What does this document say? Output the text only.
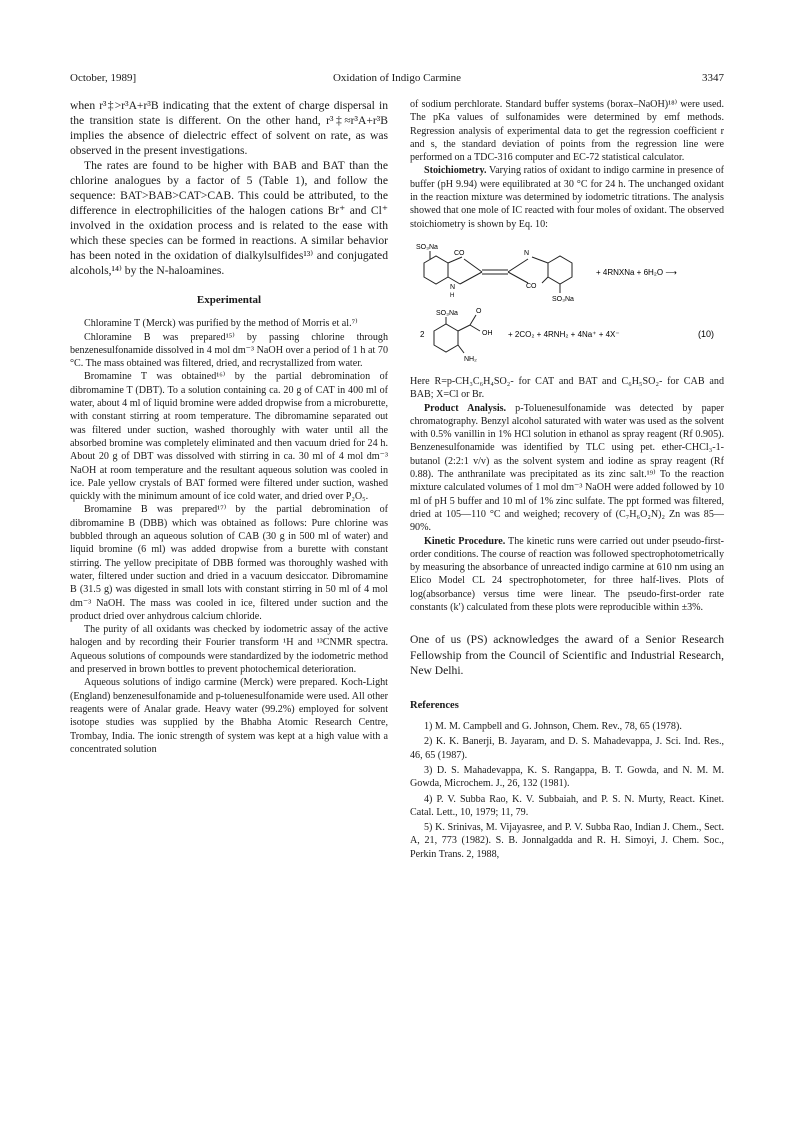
October, 1989]	Oxidation of Indigo Carmine	3347

when r³‡>r³A+r³B indicating that the extent of charge dispersal in the transition state is different. On the other hand, r³‡≈r³A+r³B implies the absence of dielectric effect of solvent on rate, as was observed in the present investigations.

The rates are found to be higher with BAB and BAT than the chlorine analogues by a factor of 5 (Table 1), and follow the sequence: BAT>BAB>CAT>CAB. This could be attributed, to the difference in electrophilicities of the halogen cations Br⁺ and Cl⁺ involved in the oxidation process and is related to the ease with which these species can be formed in reactions. A similar behavior has been noted in the oxidation of dialkylsulfides¹³⁾ and conjugated alcohols,¹⁴⁾ by the N-haloamines.

Experimental

Chloramine T (Merck) was purified by the method of Morris et al.⁷⁾

Chloramine B was prepared¹⁵⁾ by passing chlorine through benzenesulfonamide dissolved in 4 mol dm⁻³ NaOH over a period of 1 h at 70 °C. The mass obtained was filtered, dried, and recrystallized from water.

Bromamine T was obtained¹⁶⁾ by the partial debromination of dibromamine T (DBT). To a solution containing ca. 20 g of CAT in 400 ml of water, about 4 ml of liquid bromine were added dropwise from a microburette, with constant stirring at room temperature. The dibromamine separated out was filtered under suction, washed thoroughly with water until all the absorbed bromine was completely eliminated and then vacuum dried for 24 h. About 20 g of DBT was dissolved with stirring in ca. 30 ml of 4 mol dm⁻³ NaOH at room temperature and the resultant aqueous solution was cooled in ice. Pale yellow crystals of BAT formed were filtered under suction, washed quickly with the minimum amount of ice cold water, and dried over P₂O₅.

Bromamine B was prepared¹⁷⁾ by the partial debromination of dibromamine B (DBB) which was obtained as follows: Pure chlorine was bubbled through an aqueous solution of CAB (30 g in 500 ml of water) and liquid bromine (6 ml) was added dropwise from a burette with constant stirring. The yellow precipitate of DBB formed was thoroughly washed with water, filtered under suction and dried in a vacuum desiccator. Dibromamine B (31.5 g) was digested in small lots with constant stirring in 50 ml of 4 mol dm⁻³ NaOH. The mass was cooled in ice, filtered under suction and the product dried over anhydrous calcium chloride.

The purity of all oxidants was checked by iodometric assay of the active halogen and by recording their Fourier transform ¹H and ¹³CNMR spectra. Aqueous solutions of compounds were standardized by the iodometric method and preserved in brown bottles to prevent photochemical deterioration.

Aqueous solutions of indigo carmine (Merck) were prepared. Koch-Light (England) benzenesulfonamide and p-toluenesulfonamide were used. All other reagents were of Analar grade. Heavy water (99.2%) employed for solvent isotope studies was supplied by the Bhabha Atomic Research Centre, Trombay, India. The ionic strength of system was kept at a high value with a concentrated solution

of sodium perchlorate. Standard buffer systems (borax–NaOH)¹⁸⁾ were used. The pKa values of sulfonamides were determined by emf methods. Regression analysis of experimental data to get the regression coefficient r and s, the standard deviation of points from the regression line were performed on a TDC-316 computer and EC-72 statistical calculator.

Stoichiometry. Varying ratios of oxidant to indigo carmine in presence of buffer (pH 9.94) were equilibrated at 30 °C for 24 h. The unchanged oxidant in the reaction mixture was determined by iodometric titrations. The analysis showed that one mole of IC reacted with four moles of oxidant. The observed stoichiometry is shown by Eq. 10:

SO₃Na
CO
N
H
N
CO
SO₃Na
+ 4RNXNa + 6H₂O ⟶
2
SO₃Na	O
OH
NH₂
+ 2CO₂ + 4RNH₂ + 4Na⁺ + 4X⁻	(10)

Here R=p-CH₃C₆H₄SO₂- for CAT and BAT and C₆H₅SO₂- for CAB and BAB; X=Cl or Br.

Product Analysis. p-Toluenesulfonamide was detected by paper chromatography. Benzyl alcohol saturated with water was used as the solvent with 0.5% vanillin in 1% HCl solution in ethanol as spray reagent (Rf 0.905). Benzenesulfonamide was identified by TLC using pet. ether-CHCl₃-1-butanol (2:2:1 v/v) as the solvent system and iodine as spray reagent (Rf 0.88). The anthranilate was precipitated as its zinc salt.¹⁹⁾ To the reaction mixture calculated volumes of 1 mol dm⁻³ NaOH were added followed by 10 ml of pH 5 buffer and 10 ml of 1% zinc sulfate. The ppt formed was filtered, dried at 105—110 °C and weighed; recovery of (C₇H₆O₂N)₂ Zn was 85—90%.

Kinetic Procedure. The kinetic runs were carried out under pseudo-first-order conditions. The course of reaction was followed spectrophotometrically by measuring the absorbance of unreacted indigo carmine at 610 nm using an Elico Model CL 24 spectrophotometer, for three half-lives. Plots of log(absorbance) versus time were linear. The pseudo-first-order rate constants (k′) calculated from these plots were reproducible within ±3%.

One of us (PS) acknowledges the award of a Senior Research Fellowship from the Council of Scientific and Industrial Research, New Delhi.

References

1) M. M. Campbell and G. Johnson, Chem. Rev., 78, 65 (1978).

2) K. K. Banerji, B. Jayaram, and D. S. Mahadevappa, J. Sci. Ind. Res., 46, 65 (1987).

3) D. S. Mahadevappa, K. S. Rangappa, B. T. Gowda, and N. M. M. Gowda, Microchem. J., 26, 132 (1981).

4) P. V. Subba Rao, K. V. Subbaiah, and P. S. N. Murty, React. Kinet. Catal. Lett., 10, 1979; 11, 79.

5) K. Srinivas, M. Vijayasree, and P. V. Subba Rao, Indian J. Chem., Sect. A, 21, 773 (1982). S. B. Jonnalgadda and R. H. Simoyi, J. Chem. Soc., Perkin Trans. 2, 1988,
